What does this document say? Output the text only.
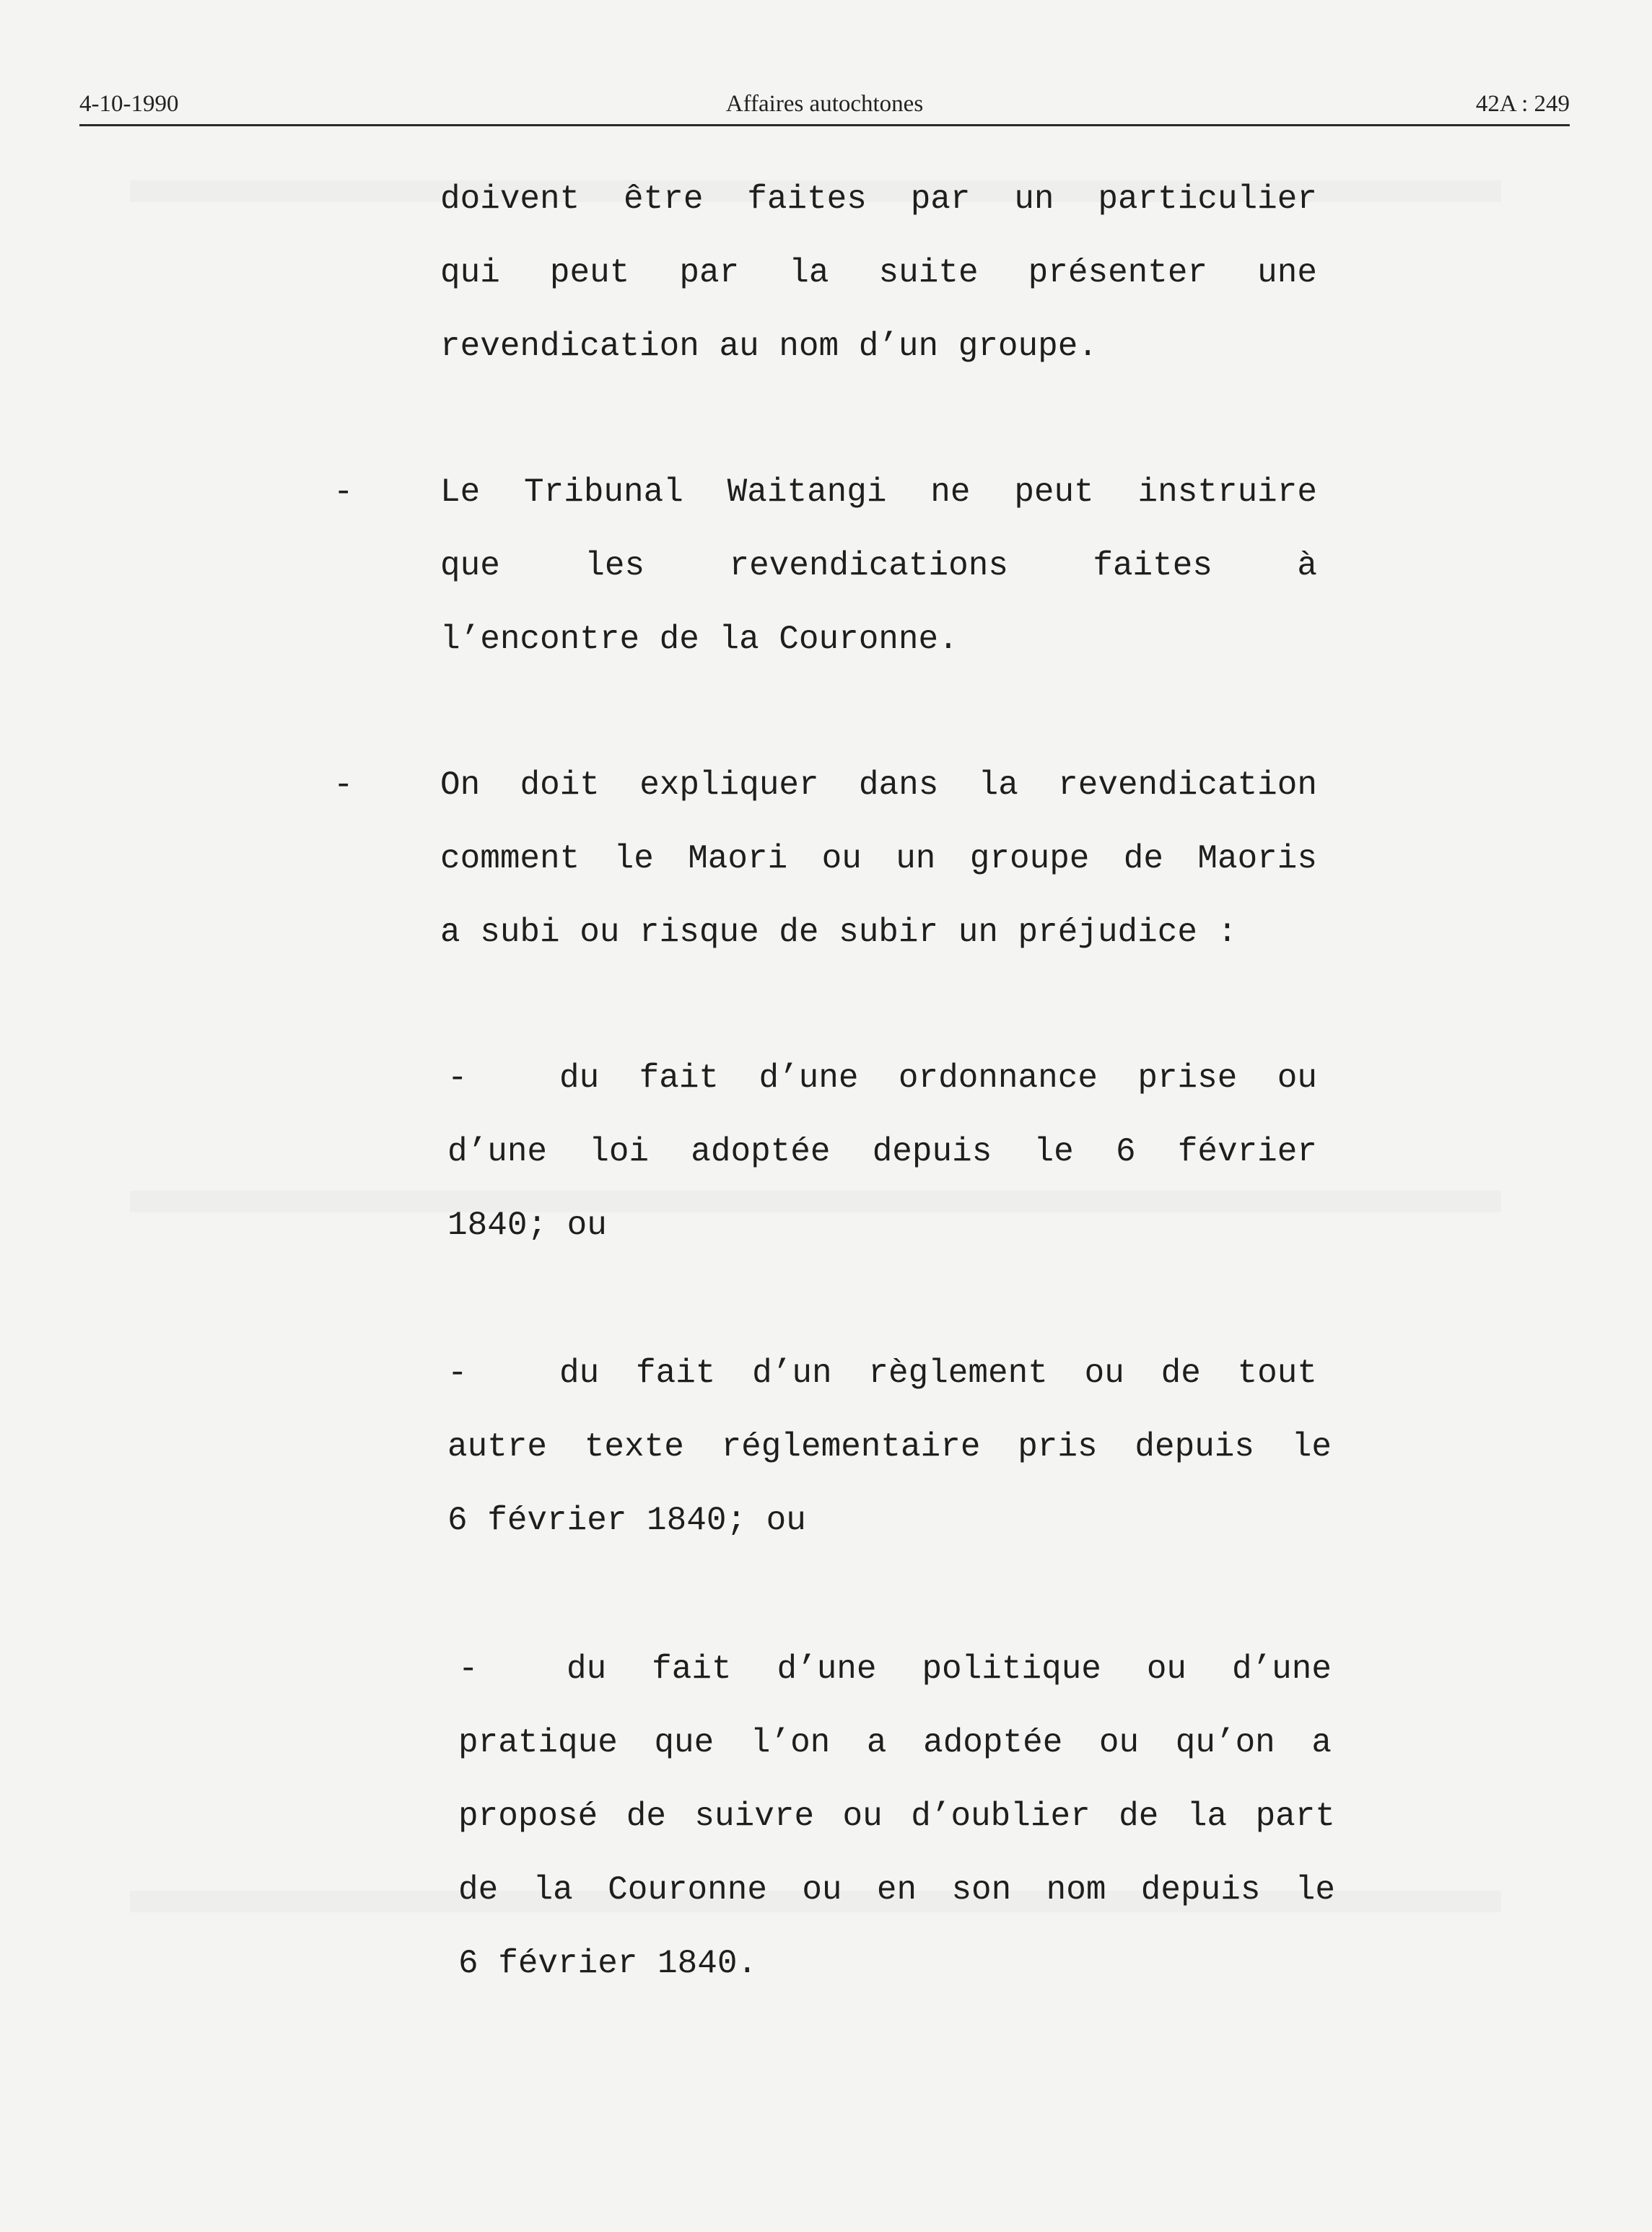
4-10-1990	Affaires autochtones	42A : 249
doivent être faites par un particulier
qui peut par la suite présenter une
revendication au nom d’un groupe.
-	Le Tribunal Waitangi ne peut instruire
que les revendications faites à
l’encontre de la Couronne.
-	On doit expliquer dans la revendication
comment le Maori ou un groupe de Maoris
a subi ou risque de subir un préjudice :
-	du fait d’une ordonnance prise ou
d’une loi adoptée depuis le 6 février
1840; ou
-	du fait d’un règlement ou de tout
autre texte réglementaire pris depuis le
6 février 1840; ou
-	du fait d’une politique ou d’une
pratique que l’on a adoptée ou qu’on a
proposé de suivre ou d’oublier de la part
de la Couronne ou en son nom depuis le
6 février 1840.
